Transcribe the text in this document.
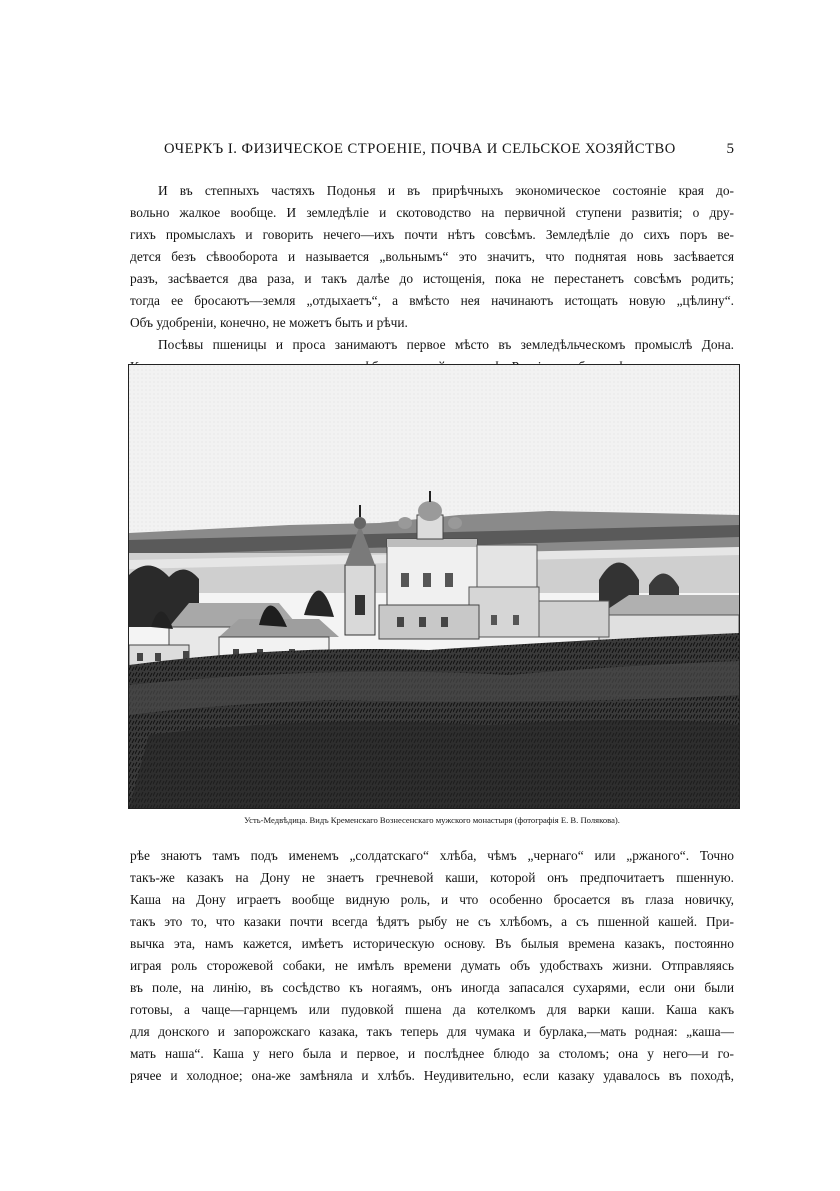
ОЧЕРКЪ I. ФИЗИЧЕСКОЕ СТРОЕНІЕ, ПОЧВА И СЕЛЬСКОЕ ХОЗЯЙСТВО	5
И въ степныхъ частяхъ Подонья и въ прирѣчныхъ экономическое состояніе края до-
вольно жалкое вообще. И земледѣліе и скотоводство на первичной ступени развитія; о дру-
гихъ промыслахъ и говорить нечего—ихъ почти нѣтъ совсѣмъ. Земледѣліе до сихъ поръ ве-
дется безъ сѣвооборота и называется „вольнымъ“ это значитъ, что поднятая новь засѣвается
разъ, засѣвается два раза, и такъ далѣе до истощенія, пока не перестанетъ совсѣмъ родить;
тогда ее бросаютъ—земля „отдыхаетъ“, а вмѣсто нея начинаютъ истощать новую „цѣлину“.
Объ удобреніи, конечно, не можетъ быть и рѣчи.
Посѣвы пшеницы и проса занимаютъ первое мѣсто въ земледѣльческомъ промыслѣ Дона.
Усть-Медвѣдица. Видъ Кременскаго Вознесенскаго мужского монастыря (фотографія Е. В. Полякова).
рѣе знаютъ тамъ подъ именемъ „солдатскаго“ хлѣба, чѣмъ „чернаго“ или „ржаного“. Точно
такъ-же казакъ на Дону не знаетъ гречневой каши, которой онъ предпочитаетъ пшенную.
Каша на Дону играетъ вообще видную роль, и что особенно бросается въ глаза новичку,
такъ это то, что казаки почти всегда ѣдятъ рыбу не съ хлѣбомъ, а съ пшенной кашей. При-
вычка эта, намъ кажется, имѣетъ историческую основу. Въ былыя времена казакъ, постоянно
играя роль сторожевой собаки, не имѣлъ времени думать объ удобствахъ жизни. Отправляясь
въ поле, на линію, въ сосѣдство къ ногаямъ, онъ иногда запасался сухарями, если они были
готовы, а чаще—гарнцемъ или пудовкой пшена да котелкомъ для варки каши. Каша какъ
для донского и запорожскаго казака, такъ теперь для чумака и бурлака,—мать родная: „каша—
мать наша“. Каша у него была и первое, и послѣднее блюдо за столомъ; она у него—и го-
рячее и холодное; она-же замѣняла и хлѣбъ. Неудивительно, если казаку удавалось въ походѣ,
